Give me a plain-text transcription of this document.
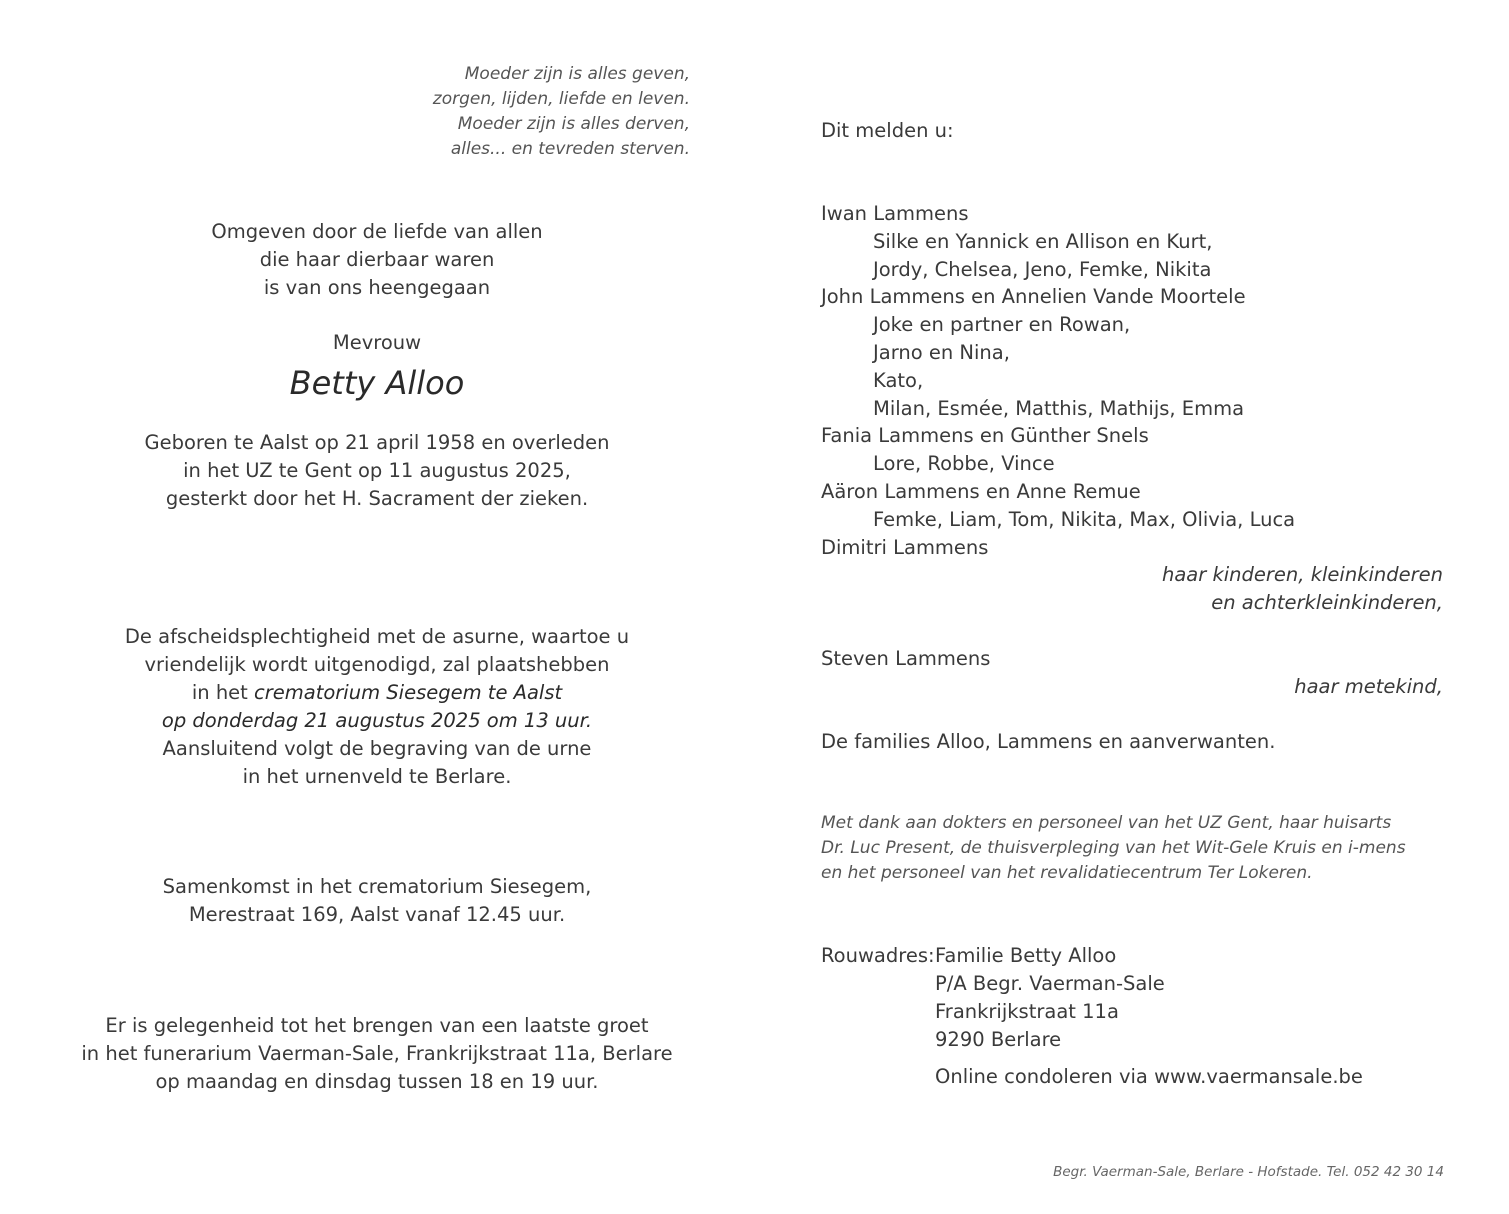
Moeder zijn is alles geven,
zorgen, lijden, liefde en leven.
Moeder zijn is alles derven,
alles... en tevreden sterven.
Omgeven door de liefde van allen
die haar dierbaar waren
is van ons heengegaan
Mevrouw
Betty Alloo
Geboren te Aalst op 21 april 1958 en overleden
in het UZ te Gent op 11 augustus 2025,
gesterkt door het H. Sacrament der zieken.
De afscheidsplechtigheid met de asurne, waartoe u
vriendelijk wordt uitgenodigd, zal plaatshebben
in het crematorium Siesegem te Aalst
op donderdag 21 augustus 2025 om 13 uur.
Aansluitend volgt de begraving van de urne
in het urnenveld te Berlare.
Samenkomst in het crematorium Siesegem,
Merestraat 169, Aalst vanaf 12.45 uur.
Er is gelegenheid tot het brengen van een laatste groet
in het funerarium Vaerman-Sale, Frankrijkstraat 11a, Berlare
op maandag en dinsdag tussen 18 en 19 uur.
Dit melden u:
Iwan Lammens
Silke en Yannick en Allison en Kurt,
Jordy, Chelsea, Jeno, Femke, Nikita
John Lammens en Annelien Vande Moortele
Joke en partner en Rowan,
Jarno en Nina,
Kato,
Milan, Esmée, Matthis, Mathijs, Emma
Fania Lammens en Günther Snels
Lore, Robbe, Vince
Aäron Lammens en Anne Remue
Femke, Liam, Tom, Nikita, Max, Olivia, Luca
Dimitri Lammens
haar kinderen, kleinkinderen
en achterkleinkinderen,
Steven Lammens
haar metekind,
De families Alloo, Lammens en aanverwanten.
Met dank aan dokters en personeel van het UZ Gent, haar huisarts
Dr. Luc Present, de thuisverpleging van het Wit-Gele Kruis en i-mens
en het personeel van het revalidatiecentrum Ter Lokeren.
Rouwadres: Familie Betty Alloo
P/A Begr. Vaerman-Sale
Frankrijkstraat 11a
9290 Berlare
Online condoleren via www.vaermansale.be
Begr. Vaerman-Sale, Berlare - Hofstade. Tel. 052 42 30 14
